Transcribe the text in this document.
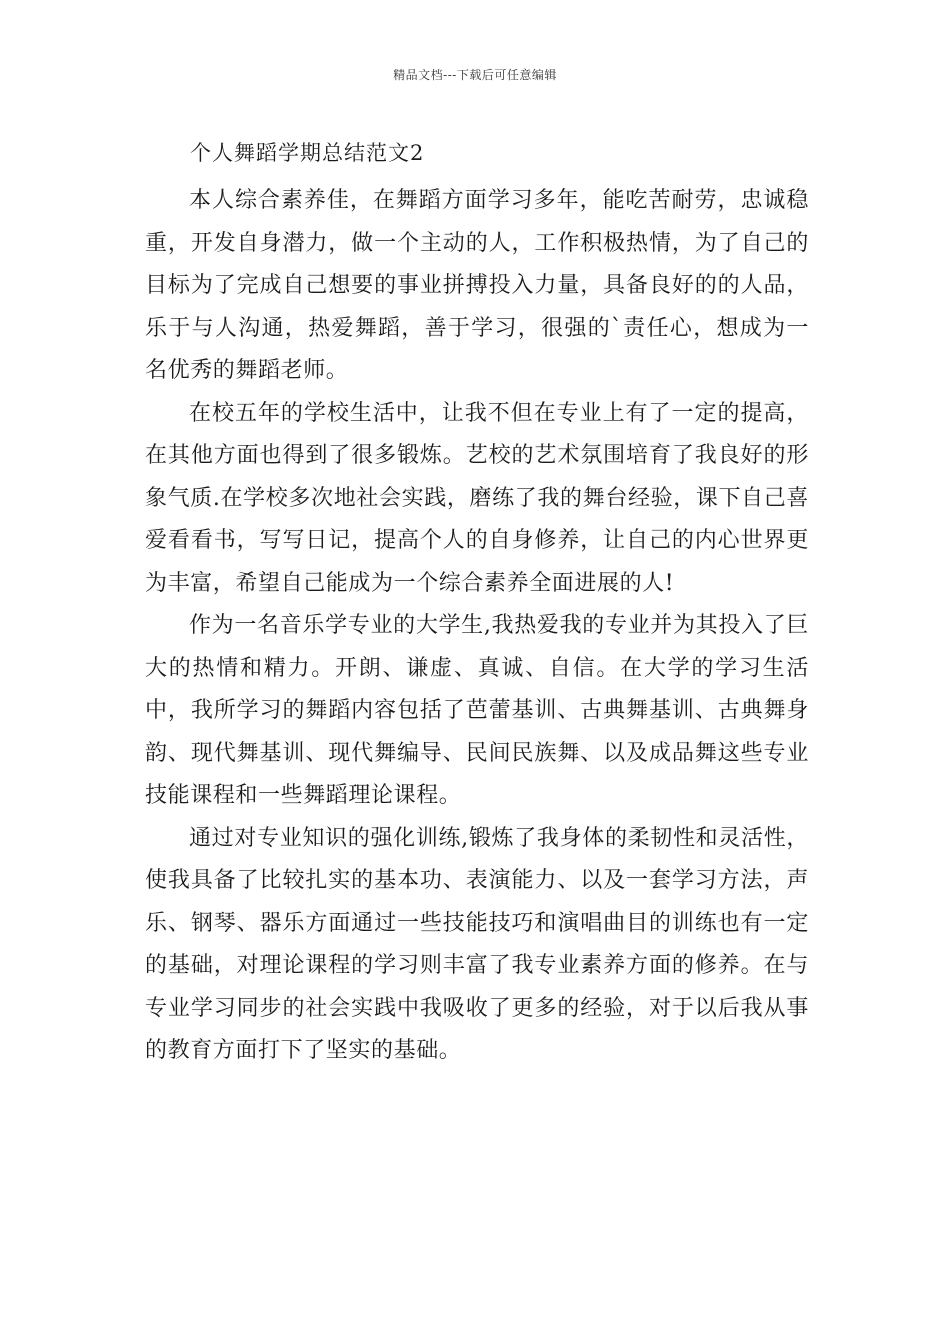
精品文档---下载后可任意编辑
个人舞蹈学期总结范文2

本人综合素养佳，在舞蹈方面学习多年，能吃苦耐劳，忠诚稳重，开发自身潜力，做一个主动的人，工作积极热情，为了自己的目标为了完成自己想要的事业拼搏投入力量，具备良好的的人品，乐于与人沟通，热爱舞蹈，善于学习，很强的`责任心，想成为一名优秀的舞蹈老师。

在校五年的学校生活中，让我不但在专业上有了一定的提高，在其他方面也得到了很多锻炼。艺校的艺术氛围培育了我良好的形象气质.在学校多次地社会实践，磨练了我的舞台经验，课下自己喜爱看看书，写写日记，提高个人的自身修养，让自己的内心世界更为丰富，希望自己能成为一个综合素养全面进展的人!

作为一名音乐学专业的大学生,我热爱我的专业并为其投入了巨大的热情和精力。开朗、谦虚、真诚、自信。在大学的学习生活中，我所学习的舞蹈内容包括了芭蕾基训、古典舞基训、古典舞身韵、现代舞基训、现代舞编导、民间民族舞、以及成品舞这些专业技能课程和一些舞蹈理论课程。

通过对专业知识的强化训练,锻炼了我身体的柔韧性和灵活性，使我具备了比较扎实的基本功、表演能力、以及一套学习方法，声乐、钢琴、器乐方面通过一些技能技巧和演唱曲目的训练也有一定的基础，对理论课程的学习则丰富了我专业素养方面的修养。在与专业学习同步的社会实践中我吸收了更多的经验，对于以后我从事的教育方面打下了坚实的基础。
